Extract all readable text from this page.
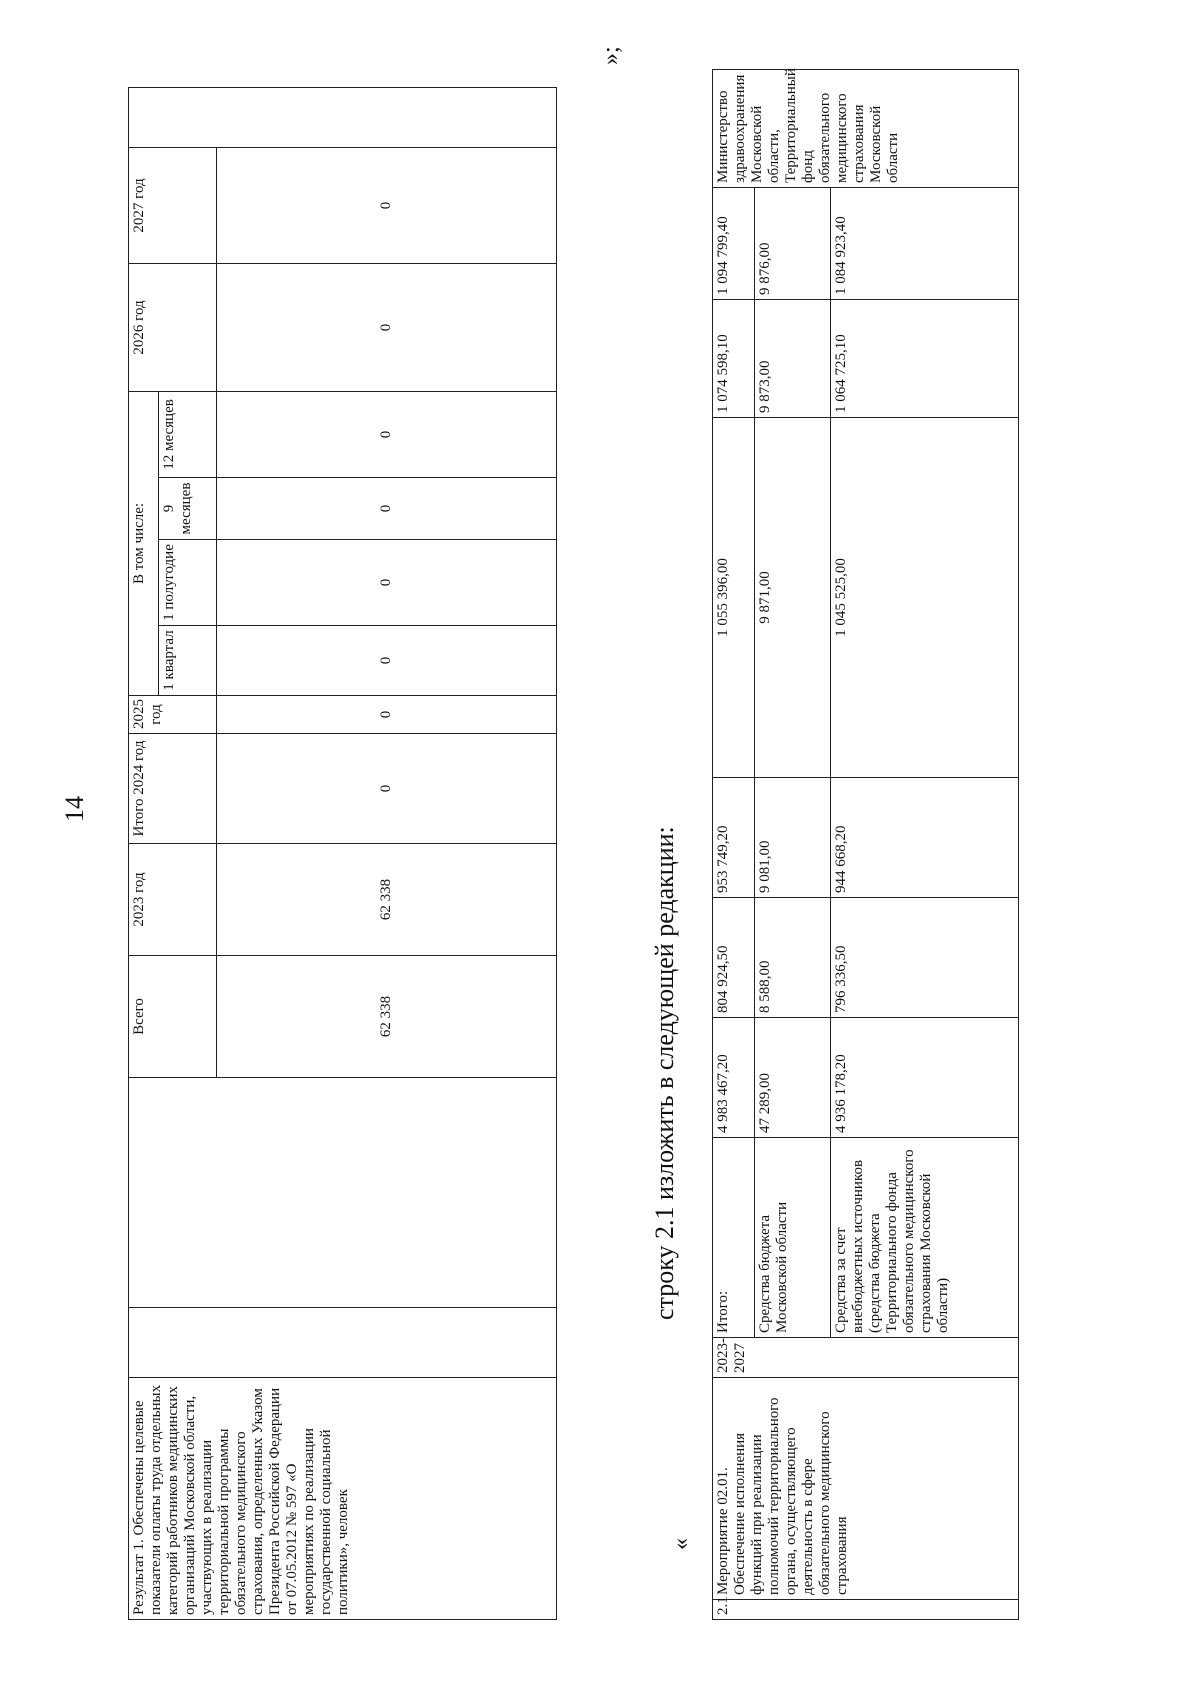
14
Результат 1. Обеспечены целевые показатели оплаты труда отдельных категорий работников медицинских организаций Московской области, участвующих в реализации территориальной программы обязательного медицинского страхования, определенных Указом Президента Российской Федерации от 07.05.2012 № 597 «О мероприятиях по реализации государственной социальной политики», человек			Всего	2023 год	Итого 2024 год	2025 год	В том числе:				2026 год	2027 год	
							1 квартал	1 полугодие	9 месяцев	12 месяцев			
			62 338	62 338	0	0	0	0	0	0	0	0	
»;
строку 2.1 изложить в следующей редакции:
«
2.1	Мероприятие 02.01. Обеспечение исполнения функций при реализации полномочий территориального органа, осуществляющего деятельность в сфере обязательного медицинского страхования	2023-2027	Итого:	4 983 467,20	804 924,50	953 749,20	1 055 396,00	1 074 598,10	1 094 799,40	Министерство здравоохранения Московской области, Территориальный фонд обязательного медицинского страхования Московской области
			Средства бюджета Московской области	47 289,00	8 588,00	9 081,00	9 871,00	9 873,00	9 876,00	
			Средства за счет внебюджетных источников (средства бюджета Территориального фонда обязательного медицинского страхования Московской области)	4 936 178,20	796 336,50	944 668,20	1 045 525,00	1 064 725,10	1 084 923,40	
